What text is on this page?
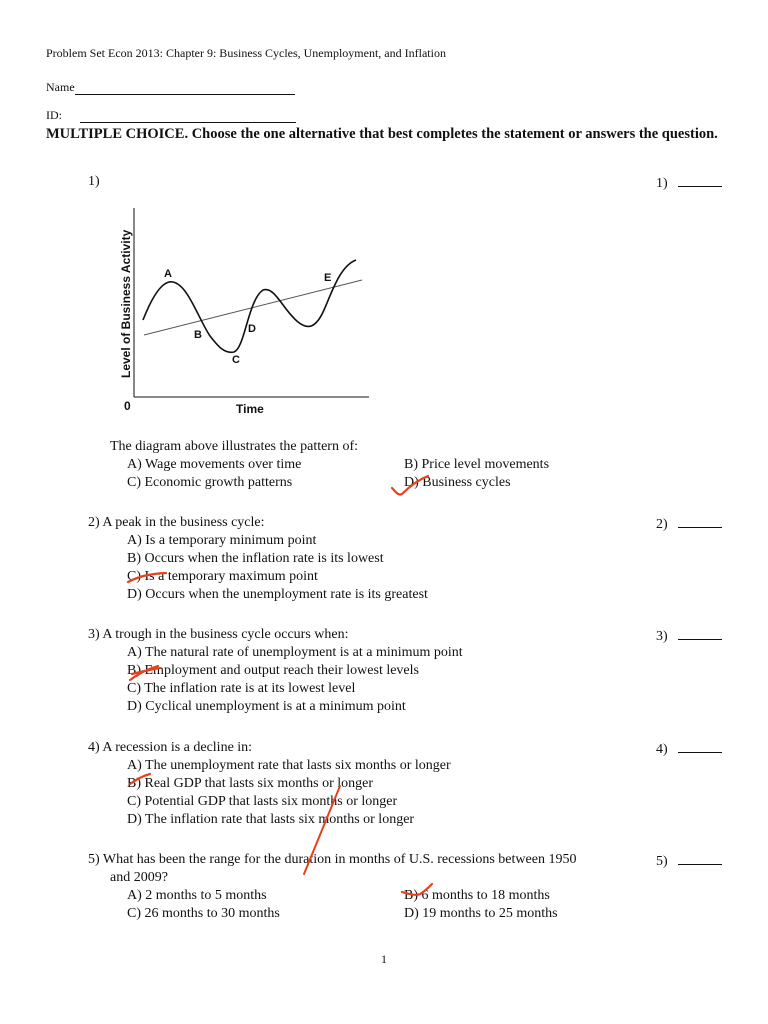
Problem Set Econ 2013: Chapter 9: Business Cycles, Unemployment, and Inflation
Name
ID:
MULTIPLE CHOICE. Choose the one alternative that best completes the statement or answers the question.
1)	1)
Level of Business Activity
Time
0
A
B
C
D
E
The diagram above illustrates the pattern of:
A) Wage movements over time	B) Price level movements
C) Economic growth patterns	D) Business cycles
2) A peak in the business cycle:	2)
A) Is a temporary minimum point
B) Occurs when the inflation rate is its lowest
C) Is a temporary maximum point
D) Occurs when the unemployment rate is its greatest
3) A trough in the business cycle occurs when:	3)
A) The natural rate of unemployment is at a minimum point
B) Employment and output reach their lowest levels
C) The inflation rate is at its lowest level
D) Cyclical unemployment is at a minimum point
4) A recession is a decline in:	4)
A) The unemployment rate that lasts six months or longer
B) Real GDP that lasts six months or longer
C) Potential GDP that lasts six months or longer
D) The inflation rate that lasts six months or longer
5) What has been the range for the duration in months of U.S. recessions between 1950
and 2009?
5)
A) 2 months to 5 months	B) 6 months to 18 months
C) 26 months to 30 months	D) 19 months to 25 months
1
